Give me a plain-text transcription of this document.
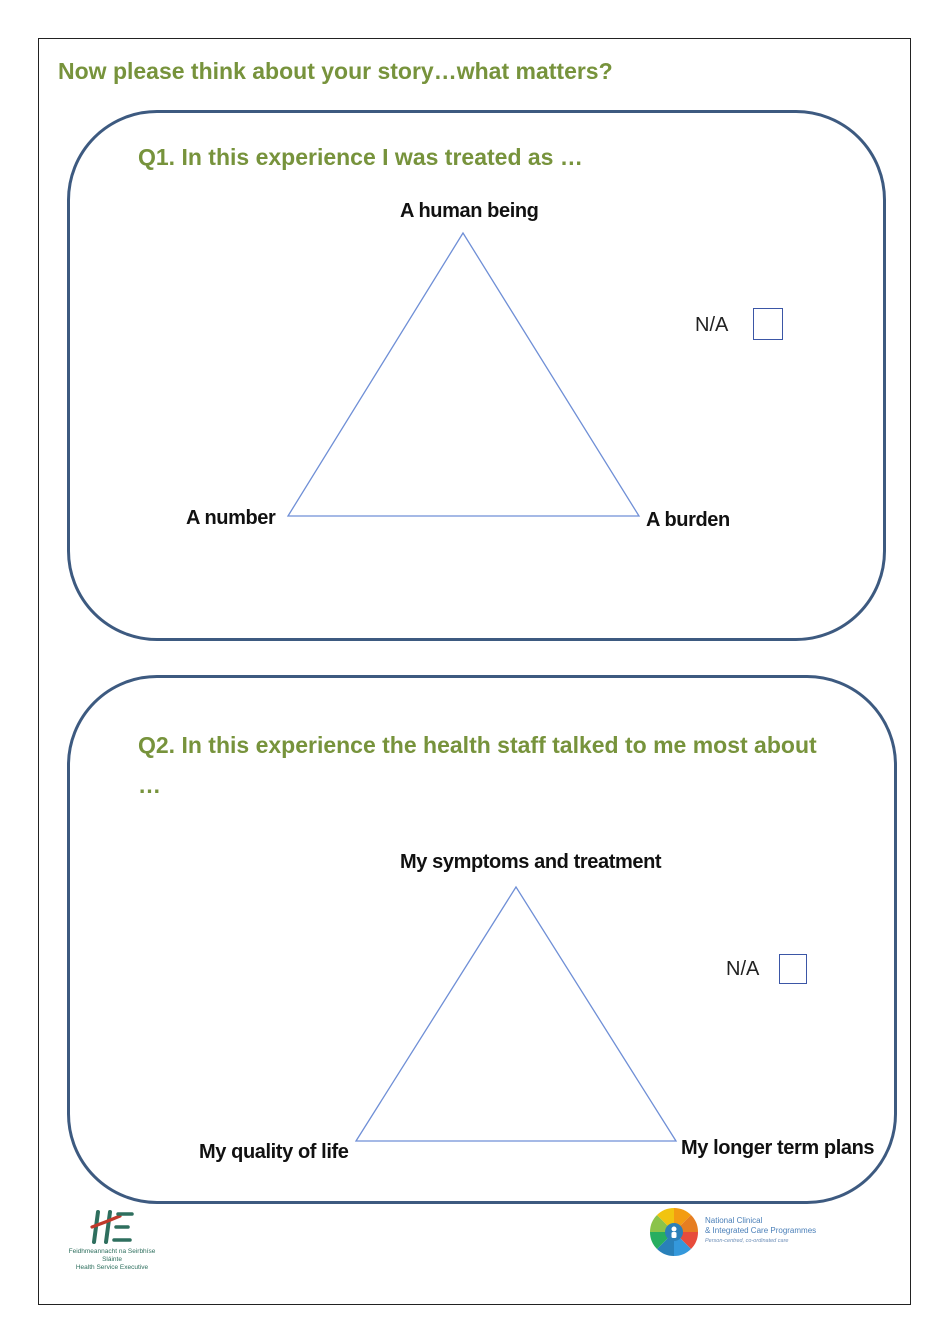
Now please think about your story…what matters?
Q1. In this experience I was treated as …
Q2. In this experience the health staff talked to me most about …
A human being
A number	A burden
N/A
My symptoms and treatment
My quality of life	My longer term plans
N/A
Feidhmeannacht na Seirbhíse Sláinte
Health Service Executive
National Clinical
& Integrated Care Programmes
Person-centred, co-ordinated care
